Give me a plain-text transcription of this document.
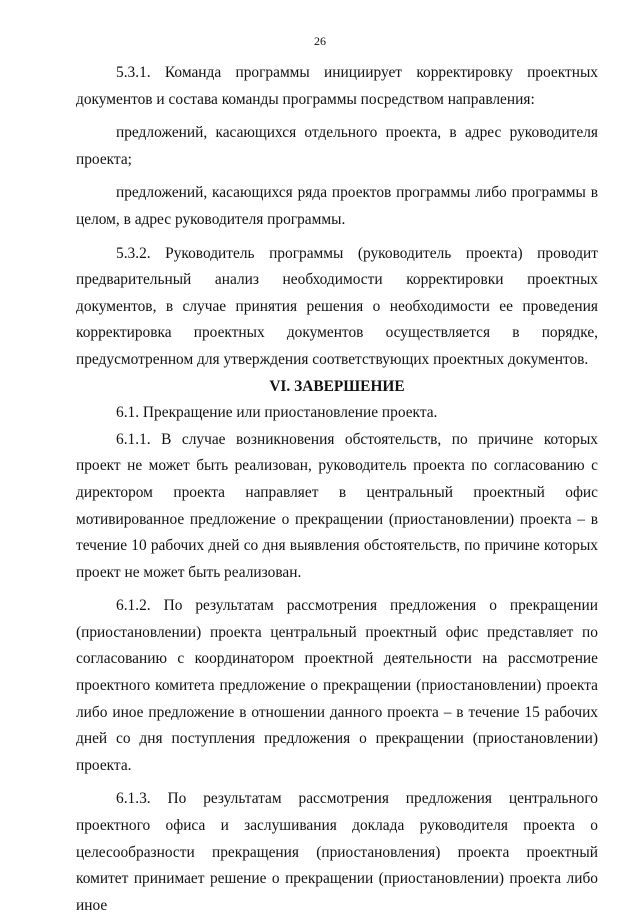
26

5.3.1. Команда программы инициирует корректировку проектных документов и состава команды программы посредством направления:

предложений, касающихся отдельного проекта, в адрес руководителя проекта;

предложений, касающихся ряда проектов программы либо программы в целом, в адрес руководителя программы.

5.3.2. Руководитель программы (руководитель проекта) проводит предварительный анализ необходимости корректировки проектных документов, в случае принятия решения о необходимости ее проведения корректировка проектных документов осуществляется в порядке, предусмотренном для утверждения соответствующих проектных документов.

VI. ЗАВЕРШЕНИЕ

6.1. Прекращение или приостановление проекта.

6.1.1. В случае возникновения обстоятельств, по причине которых проект не может быть реализован, руководитель проекта по согласованию с директором проекта направляет в центральный проектный офис мотивированное предложение о прекращении (приостановлении) проекта – в течение 10 рабочих дней со дня выявления обстоятельств, по причине которых проект не может быть реализован.

6.1.2. По результатам рассмотрения предложения о прекращении (приостановлении) проекта центральный проектный офис представляет по согласованию с координатором проектной деятельности на рассмотрение проектного комитета предложение о прекращении (приостановлении) проекта либо иное предложение в отношении данного проекта – в течение 15 рабочих дней со дня поступления предложения о прекращении (приостановлении) проекта.

6.1.3. По результатам рассмотрения предложения центрального проектного офиса и заслушивания доклада руководителя проекта о целесообразности прекращения (приостановления) проекта проектный комитет принимает решение о прекращении (приостановлении) проекта либо иное
